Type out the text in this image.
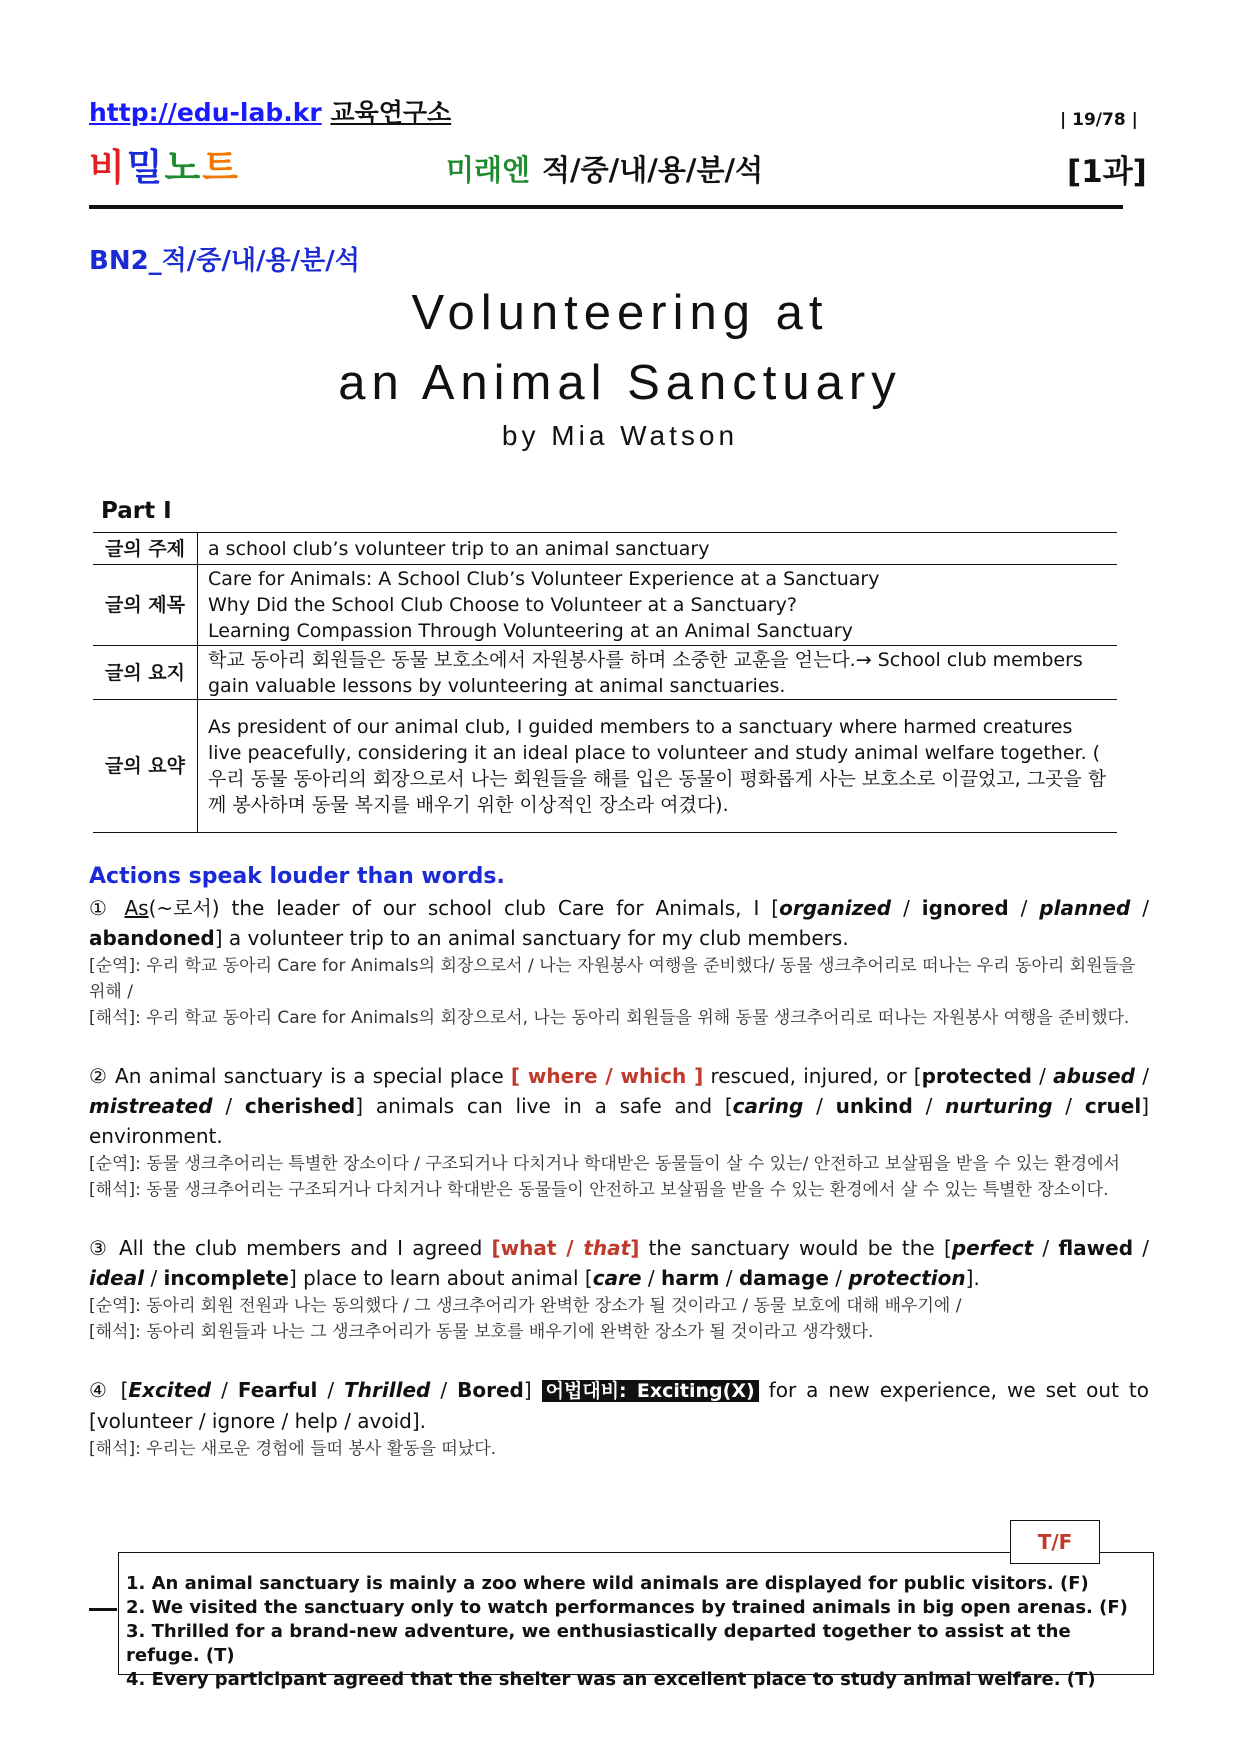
http://edu-lab.kr 교육연구소	| 19/78 |
비밀노트	미래엔 적/중/내/용/분/석	[1과]
BN2_적/중/내/용/분/석
Volunteering at
an Animal Sanctuary
by Mia Watson
Part I
글의 주제	a school club’s volunteer trip to an animal sanctuary
글의 제목	Care for Animals: A School Club’s Volunteer Experience at a Sanctuary
Why Did the School Club Choose to Volunteer at a Sanctuary?
Learning Compassion Through Volunteering at an Animal Sanctuary

글의 요지	학교 동아리 회원들은 동물 보호소에서 자원봉사를 하며 소중한 교훈을 얻는다.→ School club members gain valuable lessons by volunteering at animal sanctuaries.
글의 요약	As president of our animal club, I guided members to a sanctuary where harmed creatures live peacefully, considering it an ideal place to volunteer and study animal welfare together. ( 우리 동물 동아리의 회장으로서 나는 회원들을 해를 입은 동물이 평화롭게 사는 보호소로 이끌었고, 그곳을 함께 봉사하며 동물 복지를 배우기 위한 이상적인 장소라 여겼다).
Actions speak louder than words.
① As(~로서) the leader of our school club Care for Animals, I [organized / ignored / planned / abandoned] a volunteer trip to an animal sanctuary for my club members.
[순역]: 우리 학교 동아리 Care for Animals의 회장으로서 / 나는 자원봉사 여행을 준비했다/ 동물 생크추어리로 떠나는 우리 동아리 회원들을 위해 /
[해석]: 우리 학교 동아리 Care for Animals의 회장으로서, 나는 동아리 회원들을 위해 동물 생크추어리로 떠나는 자원봉사 여행을 준비했다.
② An animal sanctuary is a special place [ where / which ] rescued, injured, or [protected / abused / mistreated / cherished] animals can live in a safe and [caring / unkind / nurturing / cruel] environment.
[순역]: 동물 생크추어리는 특별한 장소이다 / 구조되거나 다치거나 학대받은 동물들이 살 수 있는/ 안전하고 보살핌을 받을 수 있는 환경에서
[해석]: 동물 생크추어리는 구조되거나 다치거나 학대받은 동물들이 안전하고 보살핌을 받을 수 있는 환경에서 살 수 있는 특별한 장소이다.
③ All the club members and I agreed [what / that] the sanctuary would be the [perfect / flawed / ideal / incomplete] place to learn about animal [care / harm / damage / protection].
[순역]: 동아리 회원 전원과 나는 동의했다 / 그 생크추어리가 완벽한 장소가 될 것이라고 / 동물 보호에 대해 배우기에 /
[해석]: 동아리 회원들과 나는 그 생크추어리가 동물 보호를 배우기에 완벽한 장소가 될 것이라고 생각했다.
④ [Excited / Fearful / Thrilled / Bored] 어법대비: Exciting(X) for a new experience, we set out to [volunteer / ignore / help / avoid].
[해석]: 우리는 새로운 경험에 들떠 봉사 활동을 떠났다.
T/F
1. An animal sanctuary is mainly a zoo where wild animals are displayed for public visitors. (F)
2. We visited the sanctuary only to watch performances by trained animals in big open arenas. (F)
3. Thrilled for a brand-new adventure, we enthusiastically departed together to assist at the refuge. (T)
4. Every participant agreed that the shelter was an excellent place to study animal welfare. (T)
